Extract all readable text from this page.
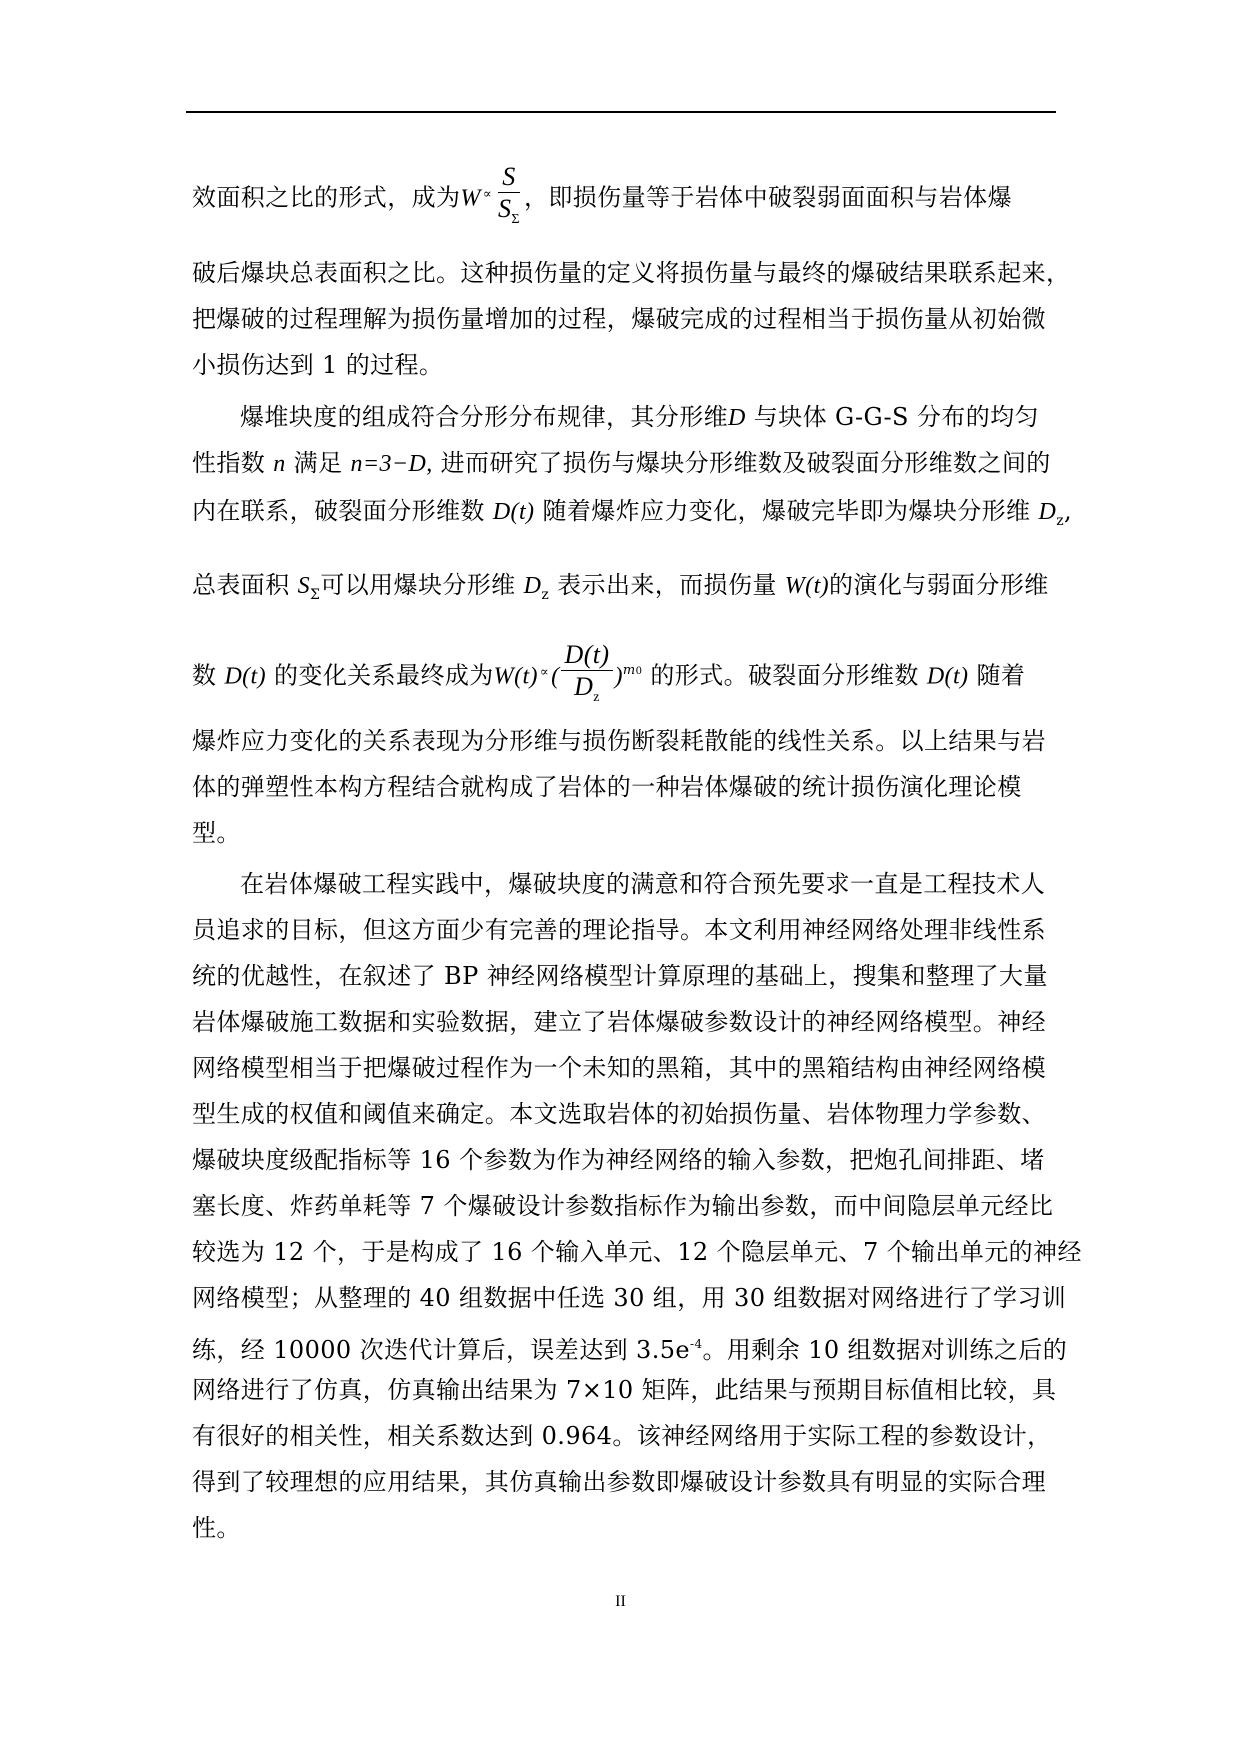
效面积之比的形式，成为W $^\propto \frac{S}{S_\Sigma}$ ，即损伤量等于岩体中破裂弱面面积与岩体爆
破后爆块总表面积之比。这种损伤量的定义将损伤量与最终的爆破结果联系起来，
把爆破的过程理解为损伤量增加的过程，爆破完成的过程相当于损伤量从初始微
小损伤达到 1 的过程。
爆堆块度的组成符合分形分布规律，其分形维D 与块体 G-G-S 分布的均匀
性指数 n 满足 n=3−D, 进而研究了损伤与爆块分形维数及破裂面分形维数之间的
内在联系，破裂面分形维数 D(t) 随着爆炸应力变化，爆破完毕即为爆块分形维 $D_z$,
总表面积 $S_\Sigma$可以用爆块分形维 $D_z$ 表示出来，而损伤量 W(t)的演化与弱面分形维
数 D(t) 的变化关系最终成为W(t) $^\propto( \frac{D(t)}{D_z} )^{m0}$ 的形式。破裂面分形维数 D(t) 随着
爆炸应力变化的关系表现为分形维与损伤断裂耗散能的线性关系。以上结果与岩
体的弹塑性本构方程结合就构成了岩体的一种岩体爆破的统计损伤演化理论模
型。
在岩体爆破工程实践中，爆破块度的满意和符合预先要求一直是工程技术人
员追求的目标，但这方面少有完善的理论指导。本文利用神经网络处理非线性系
统的优越性，在叙述了 BP 神经网络模型计算原理的基础上，搜集和整理了大量
岩体爆破施工数据和实验数据，建立了岩体爆破参数设计的神经网络模型。神经
网络模型相当于把爆破过程作为一个未知的黑箱，其中的黑箱结构由神经网络模
型生成的权值和阈值来确定。本文选取岩体的初始损伤量、岩体物理力学参数、
爆破块度级配指标等 16 个参数为作为神经网络的输入参数，把炮孔间排距、堵
塞长度、炸药单耗等 7 个爆破设计参数指标作为输出参数，而中间隐层单元经比
较选为 12 个，于是构成了 16 个输入单元、12 个隐层单元、7 个输出单元的神经
网络模型；从整理的 40 组数据中任选 30 组，用 30 组数据对网络进行了学习训
练，经 10000 次迭代计算后，误差达到 $3.5e^{-4}$。用剩余 10 组数据对训练之后的
网络进行了仿真，仿真输出结果为 7×10 矩阵，此结果与预期目标值相比较，具
有很好的相关性，相关系数达到 0.964。该神经网络用于实际工程的参数设计，
得到了较理想的应用结果，其仿真输出参数即爆破设计参数具有明显的实际合理
性。
II
